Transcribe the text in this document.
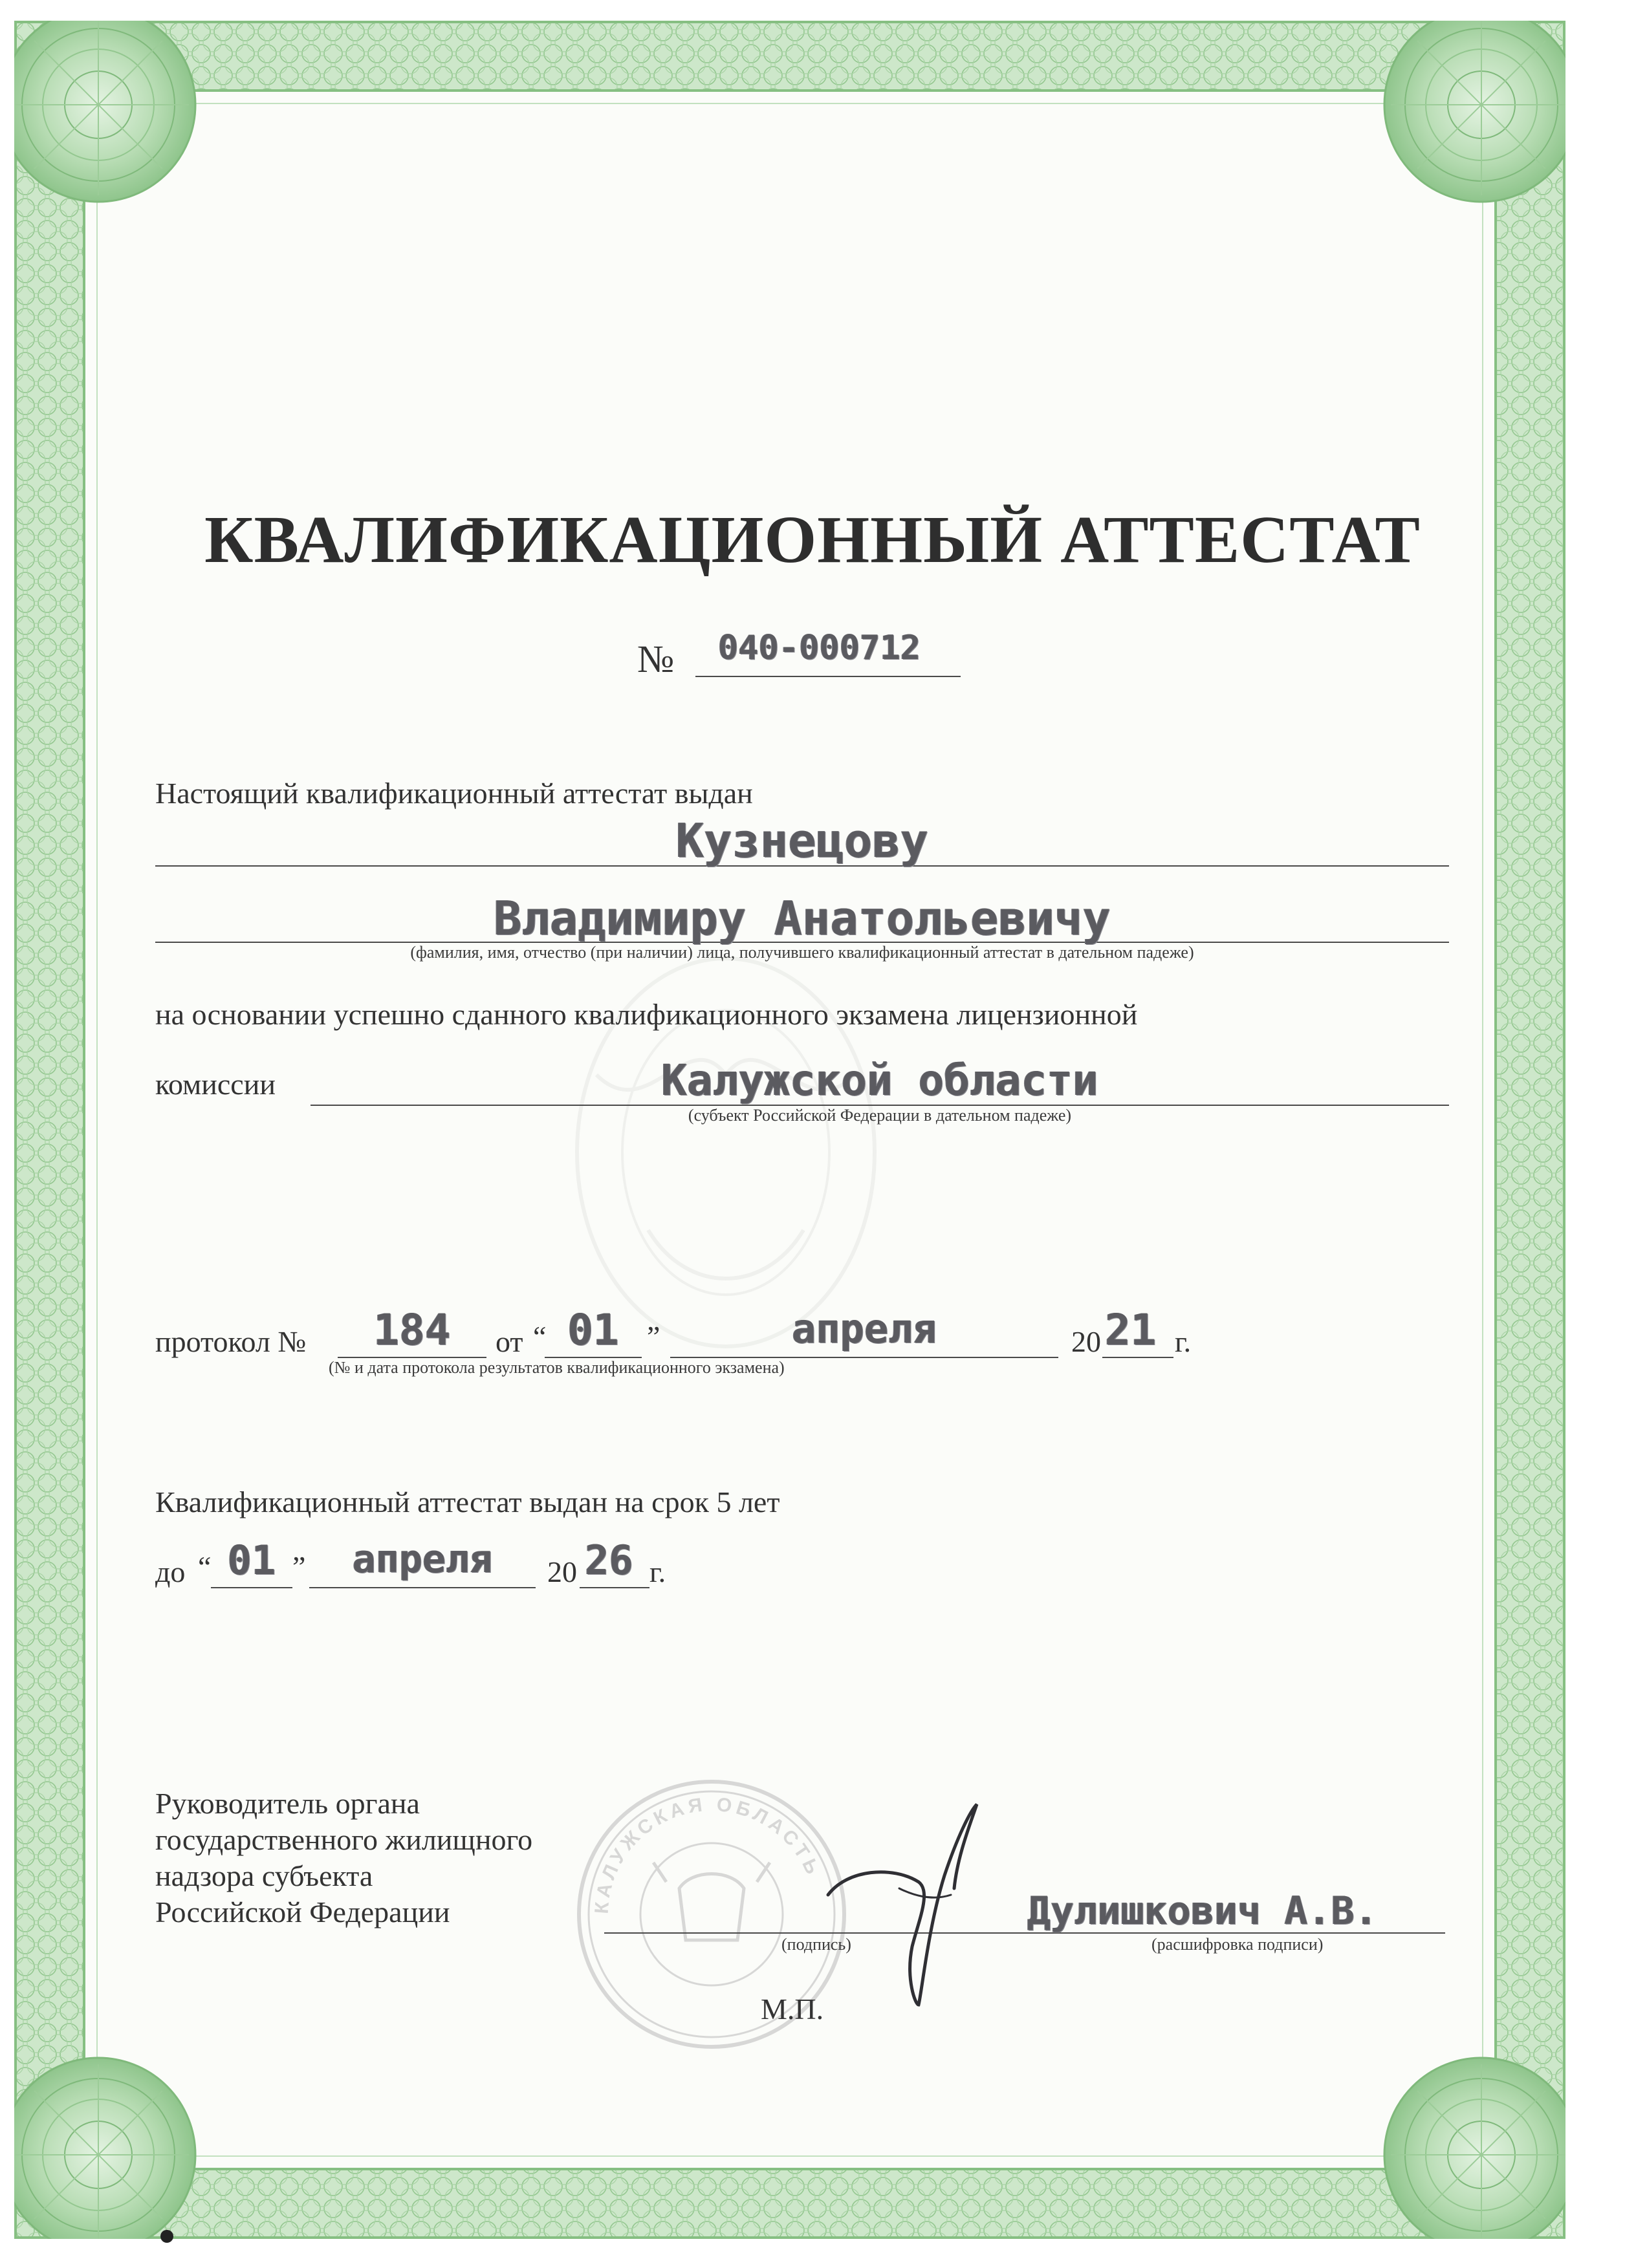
КВАЛИФИКАЦИОННЫЙ АТТЕСТАТ
№ 040-000712
Настоящий квалификационный аттестат выдан
Кузнецову
Владимиру Анатольевичу
(фамилия, имя, отчество (при наличии) лица, получившего квалификационный аттестат в дательном падеже)
на основании успешно сданного квалификационного экзамена лицензионной
комиссии	Калужской области
(субъект Российской Федерации в дательном падеже)
протокол №	184	от “ 01 ”	апреля	20 21 г.
(№ и дата протокола результатов квалификационного экзамена)
Квалификационный аттестат выдан на срок 5 лет
до “ 01 ”	апреля	20 26 г.
Руководитель органа
государственного жилищного
надзора субъекта
Российской Федерации	КАЛУЖСКАЯ ОБЛАСТЬ
(подпись)
Дулишкович А.В.
(расшифровка подписи)
М.П.
